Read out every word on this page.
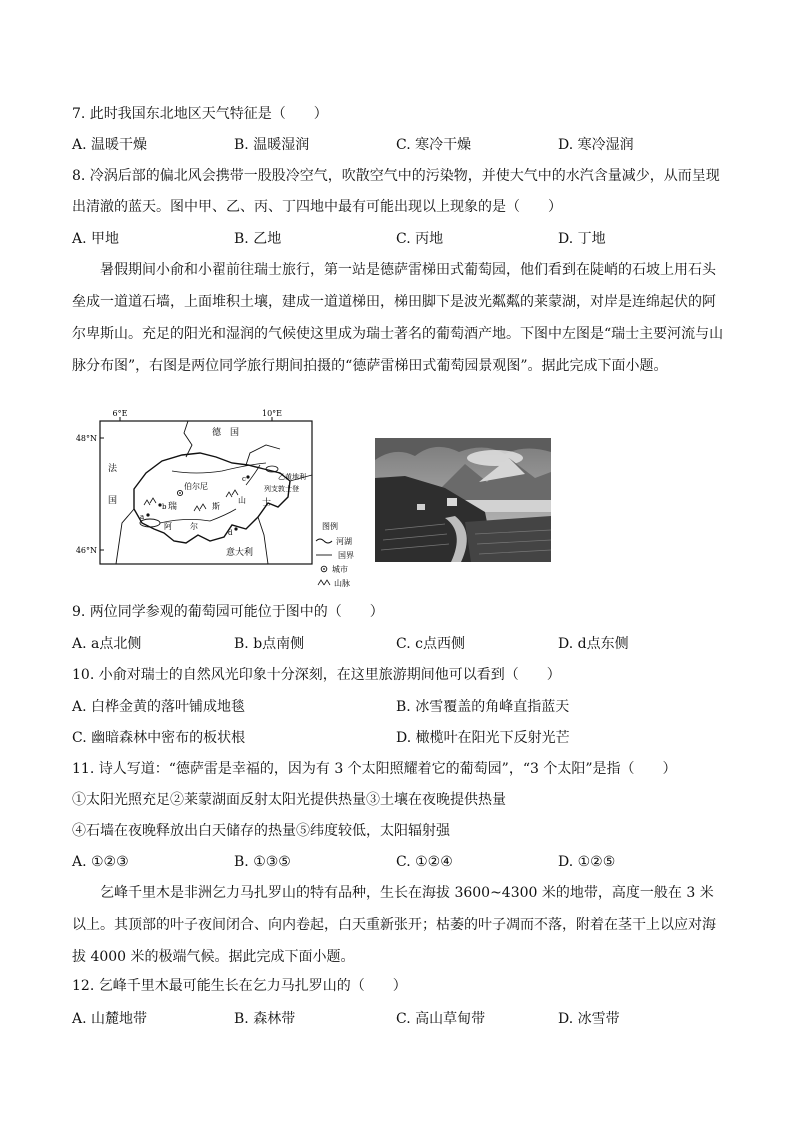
7. 此时我国东北地区天气特征是（　　）
A. 温暖干燥	B. 温暖湿润	C. 寒冷干燥	D. 寒冷湿润
8. 冷涡后部的偏北风会携带一股股冷空气，吹散空气中的污染物，并使大气中的水汽含量减少，从而呈现
出清澈的蓝天。图中甲、乙、丙、丁四地中最有可能出现以上现象的是（　　）
A. 甲地	B. 乙地	C. 丙地	D. 丁地
暑假期间小俞和小翟前往瑞士旅行，第一站是德萨雷梯田式葡萄园，他们看到在陡峭的石坡上用石头垒成一道道石墙，上面堆积土壤，建成一道道梯田，梯田脚下是波光粼粼的莱蒙湖，对岸是连绵起伏的阿尔卑斯山。充足的阳光和湿润的气候使这里成为瑞士著名的葡萄酒产地。下图中左图是“瑞士主要河流与山脉分布图”，右图是两位同学旅行期间拍摄的“德萨雷梯田式葡萄园景观图”。据此完成下面小题。
6°E	10°E
48°N
46°N
德　国
法
国
意大利
瑞	士
伯尔尼
斯
山
阿 尔
乙黄地利
列支敦士登
a
b
c
d
图例
河湖
国界
城市
山脉
9. 两位同学参观的葡萄园可能位于图中的（　　）
A. a点北侧	B. b点南侧	C. c点西侧	D. d点东侧
10. 小俞对瑞士的自然风光印象十分深刻，在这里旅游期间他可以看到（　　）
A. 白桦金黄的落叶铺成地毯	B. 冰雪覆盖的角峰直指蓝天
C. 幽暗森林中密布的板状根	D. 橄榄叶在阳光下反射光芒
11. 诗人写道：“德萨雷是幸福的，因为有 3 个太阳照耀着它的葡萄园”，“3 个太阳”是指（　　）
①太阳光照充足②莱蒙湖面反射太阳光提供热量③土壤在夜晚提供热量
④石墙在夜晚释放出白天储存的热量⑤纬度较低，太阳辐射强
A. ①②③	B. ①③⑤	C. ①②④	D. ①②⑤
乞峰千里木是非洲乞力马扎罗山的特有品种，生长在海拔 3600~4300 米的地带，高度一般在 3 米以上。其顶部的叶子夜间闭合、向内卷起，白天重新张开；枯萎的叶子凋而不落，附着在茎干上以应对海拔 4000 米的极端气候。据此完成下面小题。
12. 乞峰千里木最可能生长在乞力马扎罗山的（　　）
A. 山麓地带	B. 森林带	C. 高山草甸带	D. 冰雪带
